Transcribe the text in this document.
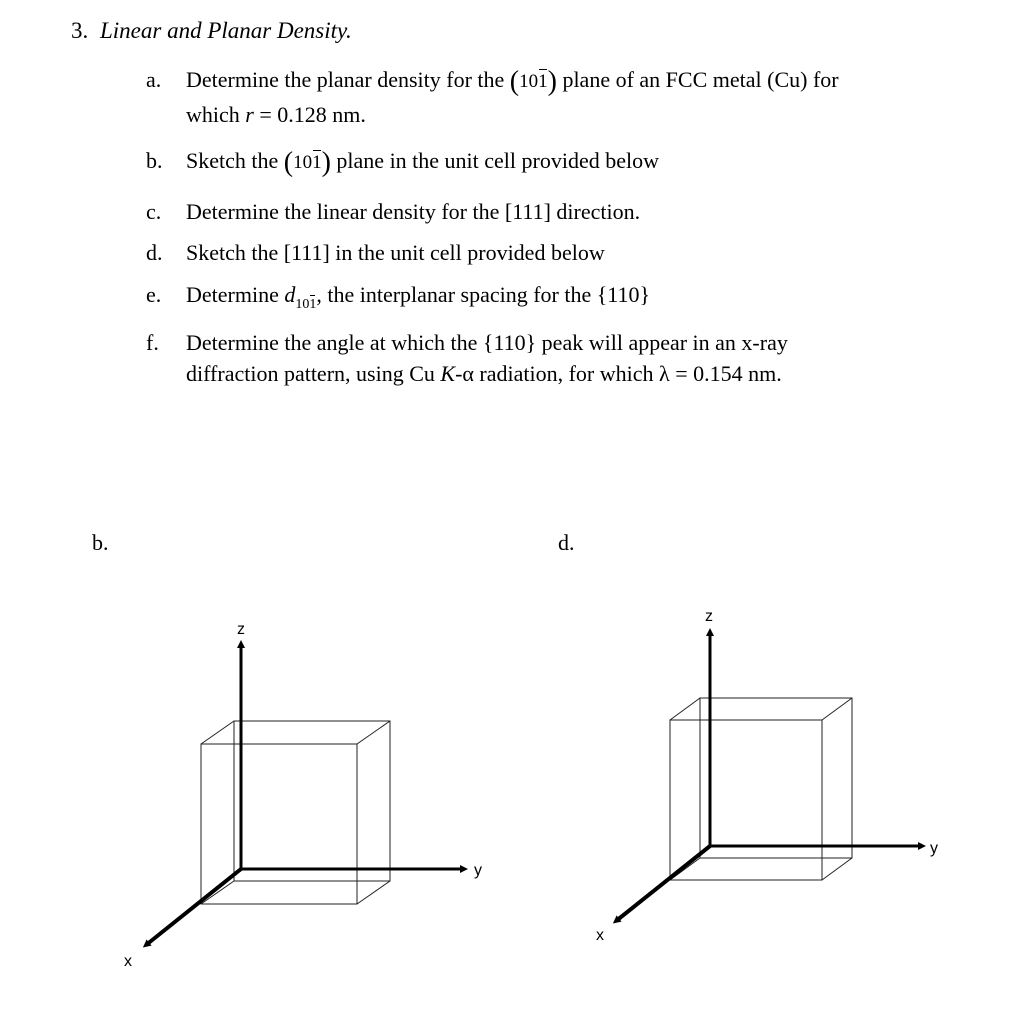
3. Linear and Planar Density.
a. Determine the planar density for the (101) plane of an FCC metal (Cu) for
which r = 0.128 nm.
b. Sketch the (101) plane in the unit cell provided below
c. Determine the linear density for the [111] direction.
d. Sketch the [111] in the unit cell provided below
e. Determine $d_{101}$, the interplanar spacing for the {110}
f. Determine the angle at which the {110} peak will appear in an x-ray
diffraction pattern, using Cu K-α radiation, for which λ = 0.154 nm.
b.	d.
z
y
x
z
y
x
